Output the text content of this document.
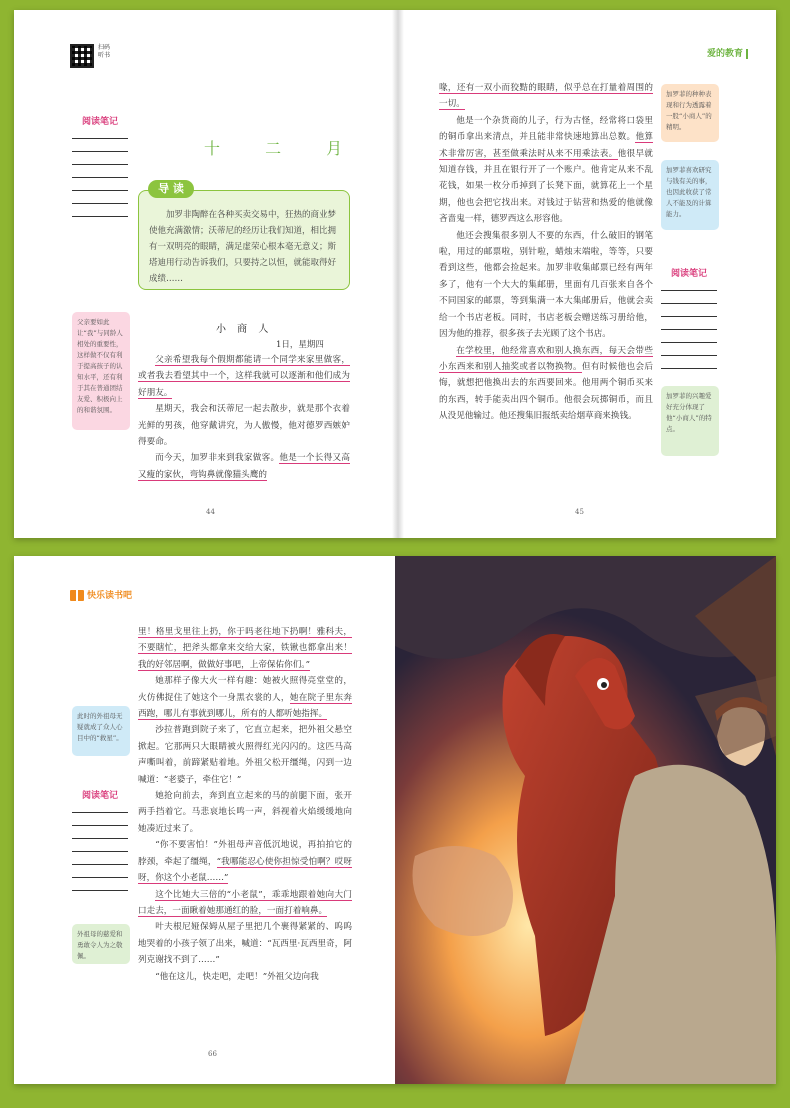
扫码听书
阅读笔记
十 二 月
加罗非陶醉在各种买卖交易中，狂热的商业梦使他充满激情；沃蒂尼的经历让我们知道，相比拥有一双明亮的眼睛，满足虚荣心根本毫无意义；斯塔迪用行动告诉我们，只要持之以恒，就能取得好成绩……
导 读
父亲要如此让“我”与同龄人相处的重要性，这样做不仅有利于提高孩子的认知水平，还有利于其在普通团结友爱、积极向上的和谐氛围。
小 商 人
1日，星期四

父亲希望我每个假期都能请一个同学来家里做客，或者我去看望其中一个，这样我就可以逐渐和他们成为好朋友。

星期天，我会和沃蒂尼一起去散步，就是那个衣着光鲜的男孩，他穿戴讲究，为人傲慢，他对德罗西嫉妒得要命。

而今天，加罗非来到我家做客。他是一个长得又高又瘦的家伙，弯钩鼻就像猫头鹰的

44
爱的教育

喙，还有一双小而狡黠的眼睛，似乎总在打量着周围的一切。

他是一个杂货商的儿子，行为古怪，经常将口袋里的铜币拿出来清点，并且能非常快速地算出总数。他算术非常厉害，甚至做乘法时从来不用乘法表。他很早就知道存钱，并且在银行开了一个账户。他肯定从来不乱花钱，如果一枚分币掉到了长凳下面，就算花上一个星期，他也会把它找出来。对钱过于钻营和热爱的他就像吝啬鬼一样，德罗西这么形容他。

他还会搜集很多别人不要的东西，什么破旧的钢笔啦，用过的邮票啦，别针啦，蜡烛末端啦，等等，只要看到这些，他都会捡起来。加罗非收集邮票已经有两年多了，他有一个大大的集邮册，里面有几百张来自各个不同国家的邮票，等到集满一本大集邮册后，他就会卖给一个书店老板。同时，书店老板会赠送练习册给他，因为他的推荐，很多孩子去光顾了这个书店。

在学校里，他经常喜欢和别人换东西，每天会带些小东西来和别人抽奖或者以物换物。但有时候他也会后悔，就想把他换出去的东西要回来。他用两个铜币买来的东西，转手能卖出四个铜币。他很会玩掷铜币，而且从没见他输过。他还搜集旧报纸卖给烟草商来换钱。

加罗菲的种种表现和行为透露着一股“小商人”的精明。
加罗菲喜欢研究与钱有关的事，也因此收获了常人不能及的计算能力。
阅读笔记
加罗菲的兴趣爱好充分体现了他“小商人”的特点。
45
快乐读书吧

里！格里戈里往上扔，你于吗老往地下扔啊！雅科夫，不要瞎忙，把斧头都拿来交给大家，铁锹也都拿出来！我的好邻居啊，做做好事吧，上帝保佑你们。”

她那样子像大火一样有趣：她被火照得亮堂堂的，火仿佛捉住了她这个一身黑衣裳的人，她在院子里东奔西跑，哪儿有事就到哪儿，所有的人都听她指挥。

沙拉普跑到院子来了，它直立起来，把外祖父悬空掀起。它那两只大眼睛被火照得红光闪闪的。这匹马高声嘶叫着，前蹄紧贴着地。外祖父松开缰绳，闪到一边喊道：“老婆子，牵住它！”

她抢向前去，奔到直立起来的马的前腿下面，张开两手挡着它。马悲哀地长鸣一声，斜视着火焰缓缓地向她凑近过来了。

“你不要害怕！”外祖母声音低沉地说，再拍拍它的脖颈，牵起了缰绳，“我哪能忍心使你担惊受怕啊？哎呀呀，你这个小老鼠……”

这个比她大三倍的“小老鼠”，乖乖地跟着她向大门口走去，一面瞅着她那通红的脸，一面打着响鼻。

叶夫根尼娅保姆从屋子里把几个裹得紧紧的、呜呜地哭着的小孩子领了出来，喊道：“瓦西里·瓦西里奇，阿列克谢找不到了……”

“他在这儿，快走吧，走吧！”外祖父边向我

此时的外祖母无疑就成了众人心目中的“救星”。
阅读笔记
外祖母的慈爱和勇敢令人为之敬佩。
66
